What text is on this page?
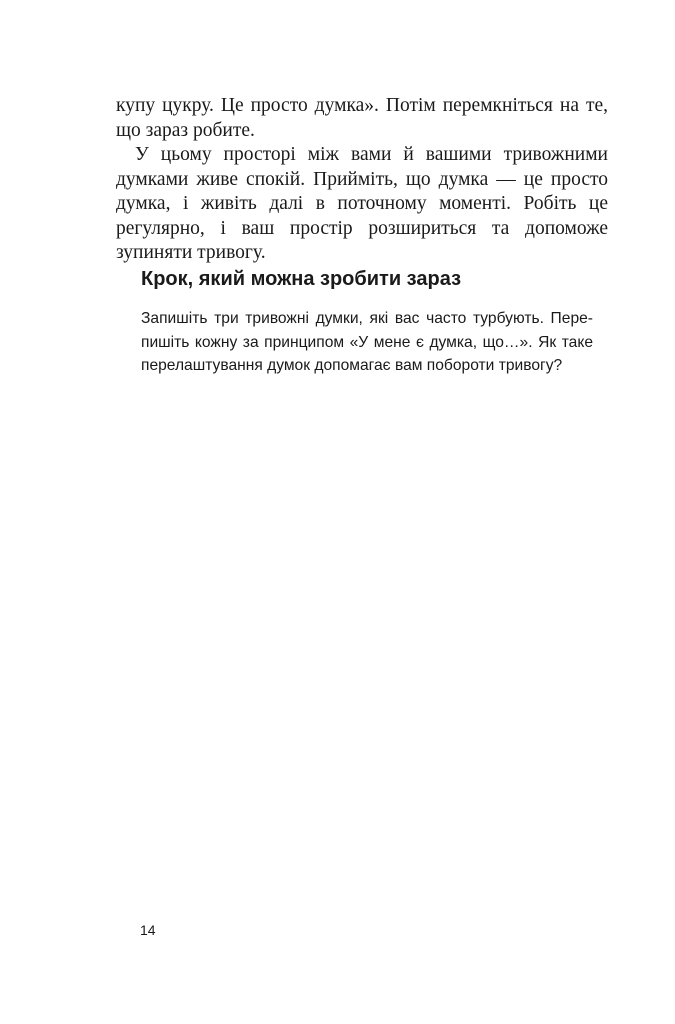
купу цукру. Це просто думка». Потім перемкніться на те, що зараз робите.

У цьому просторі між вами й вашими тривожними думками живе спокій. Прийміть, що думка — це просто думка, і живіть далі в поточному моменті. Робіть це регулярно, і ваш простір розшириться та допоможе зупиняти тривогу.

Крок, який можна зробити зараз

Запишіть три тривожні думки, які вас часто турбують. Перепишіть кожну за принципом «У мене є думка, що…». Як таке перелаштування думок допомагає вам побороти тривогу?

14
